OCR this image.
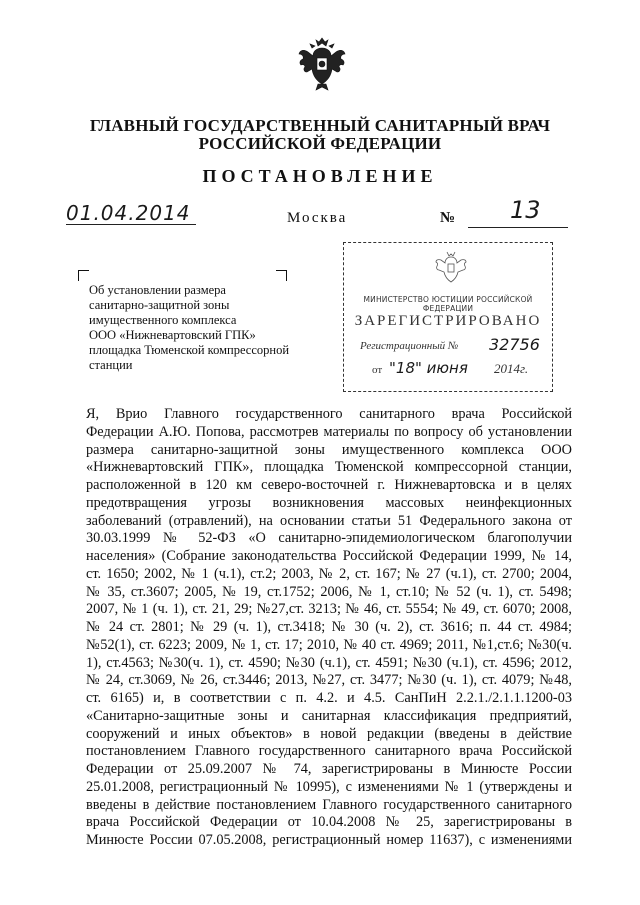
ГЛАВНЫЙ ГОСУДАРСТВЕННЫЙ САНИТАРНЫЙ ВРАЧ
РОССИЙСКОЙ ФЕДЕРАЦИИ
ПОСТАНОВЛЕНИЕ
01.04.2014	Москва	№ 13
Об установлении размера
санитарно-защитной зоны
имущественного комплекса
ООО «Нижневартовский ГПК»
площадка Тюменской компрессорной
станции
МИНИСТЕРСТВО ЮСТИЦИИ РОССИЙСКОЙ ФЕДЕРАЦИИ
ЗАРЕГИСТРИРОВАНО
Регистрационный № 32756
от "18" июня 2014г.
Я, Врио Главного государственного санитарного врача Российской
Федерации А.Ю. Попова, рассмотрев материалы по вопросу об установлении
размера санитарно-защитной зоны имущественного комплекса ООО
«Нижневартовский ГПК», площадка Тюменской компрессорной станции,
расположенной в 120 км северо-восточней г. Нижневартовска и в целях
предотвращения угрозы возникновения массовых неинфекционных
заболеваний (отравлений), на основании статьи 51 Федерального закона от
30.03.1999 № 52-ФЗ «О санитарно-эпидемиологическом благополучии
населения» (Собрание законодательства Российской Федерации 1999, № 14,
ст. 1650; 2002, № 1 (ч.1), ст.2; 2003, № 2, ст. 167; № 27 (ч.1), ст. 2700; 2004,
№ 35, ст.3607; 2005, № 19, ст.1752; 2006, № 1, ст.10; № 52 (ч. 1), ст. 5498;
2007, № 1 (ч. 1), ст. 21, 29; №27,ст. 3213; № 46, ст. 5554; № 49, ст. 6070; 2008,
№ 24 ст. 2801; № 29 (ч. 1), ст.3418; № 30 (ч. 2), ст. 3616; п. 44 ст. 4984;
№52(1), ст. 6223; 2009, № 1, ст. 17; 2010, № 40 ст. 4969; 2011, №1,ст.6; №30(ч.
1), ст.4563; №30(ч. 1), ст. 4590; №30 (ч.1), ст. 4591; №30 (ч.1), ст. 4596; 2012,
№ 24, ст.3069, № 26, ст.3446; 2013, №27, ст. 3477; №30 (ч. 1), ст. 4079; №48,
ст. 6165) и, в соответствии с п. 4.2. и 4.5. СанПиН 2.2.1./2.1.1.1200-03
«Санитарно-защитные зоны и санитарная классификация предприятий,
сооружений и иных объектов» в новой редакции (введены в действие
постановлением Главного государственного санитарного врача Российской
Федерации от 25.09.2007 № 74, зарегистрированы в Минюсте России
25.01.2008, регистрационный № 10995), с изменениями № 1 (утверждены и
введены в действие постановлением Главного государственного санитарного
врача Российской Федерации от 10.04.2008 № 25, зарегистрированы в
Минюсте России 07.05.2008, регистрационный номер 11637), с изменениями
